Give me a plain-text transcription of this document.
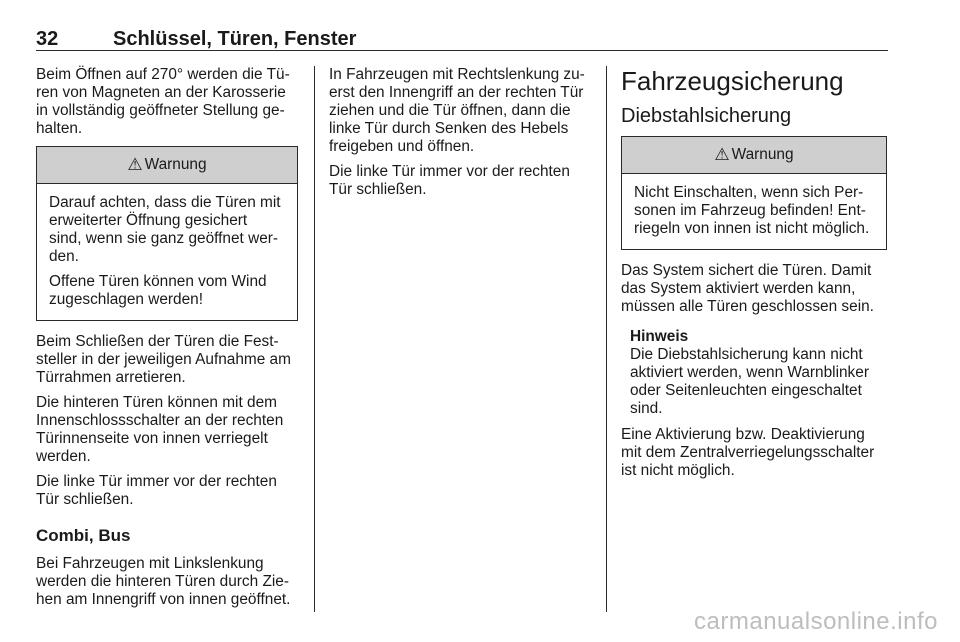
32	Schlüssel, Türen, Fenster

Beim Öffnen auf 270° werden die Tü-
ren von Magneten an der Karosserie
in vollständig geöffneter Stellung ge-
halten.

⚠ Warnung

Darauf achten, dass die Türen mit
erweiterter Öffnung gesichert
sind, wenn sie ganz geöffnet wer-
den.

Offene Türen können vom Wind
zugeschlagen werden!

Beim Schließen der Türen die Fest-
steller in der jeweiligen Aufnahme am
Türrahmen arretieren.

Die hinteren Türen können mit dem
Innenschlossschalter an der rechten
Türinnenseite von innen verriegelt
werden.

Die linke Tür immer vor der rechten
Tür schließen.

Combi, Bus

Bei Fahrzeugen mit Linkslenkung
werden die hinteren Türen durch Zie-
hen am Innengriff von innen geöffnet.

In Fahrzeugen mit Rechtslenkung zu-
erst den Innengriff an der rechten Tür
ziehen und die Tür öffnen, dann die
linke Tür durch Senken des Hebels
freigeben und öffnen.

Die linke Tür immer vor der rechten
Tür schließen.

Fahrzeugsicherung
Diebstahlsicherung
⚠ Warnung

Nicht Einschalten, wenn sich Per-
sonen im Fahrzeug befinden! Ent-
riegeln von innen ist nicht möglich.

Das System sichert die Türen. Damit
das System aktiviert werden kann,
müssen alle Türen geschlossen sein.

Hinweis

Die Diebstahlsicherung kann nicht
aktiviert werden, wenn Warnblinker
oder Seitenleuchten eingeschaltet
sind.

Eine Aktivierung bzw. Deaktivierung
mit dem Zentralverriegelungsschalter
ist nicht möglich.

carmanualsonline.info
